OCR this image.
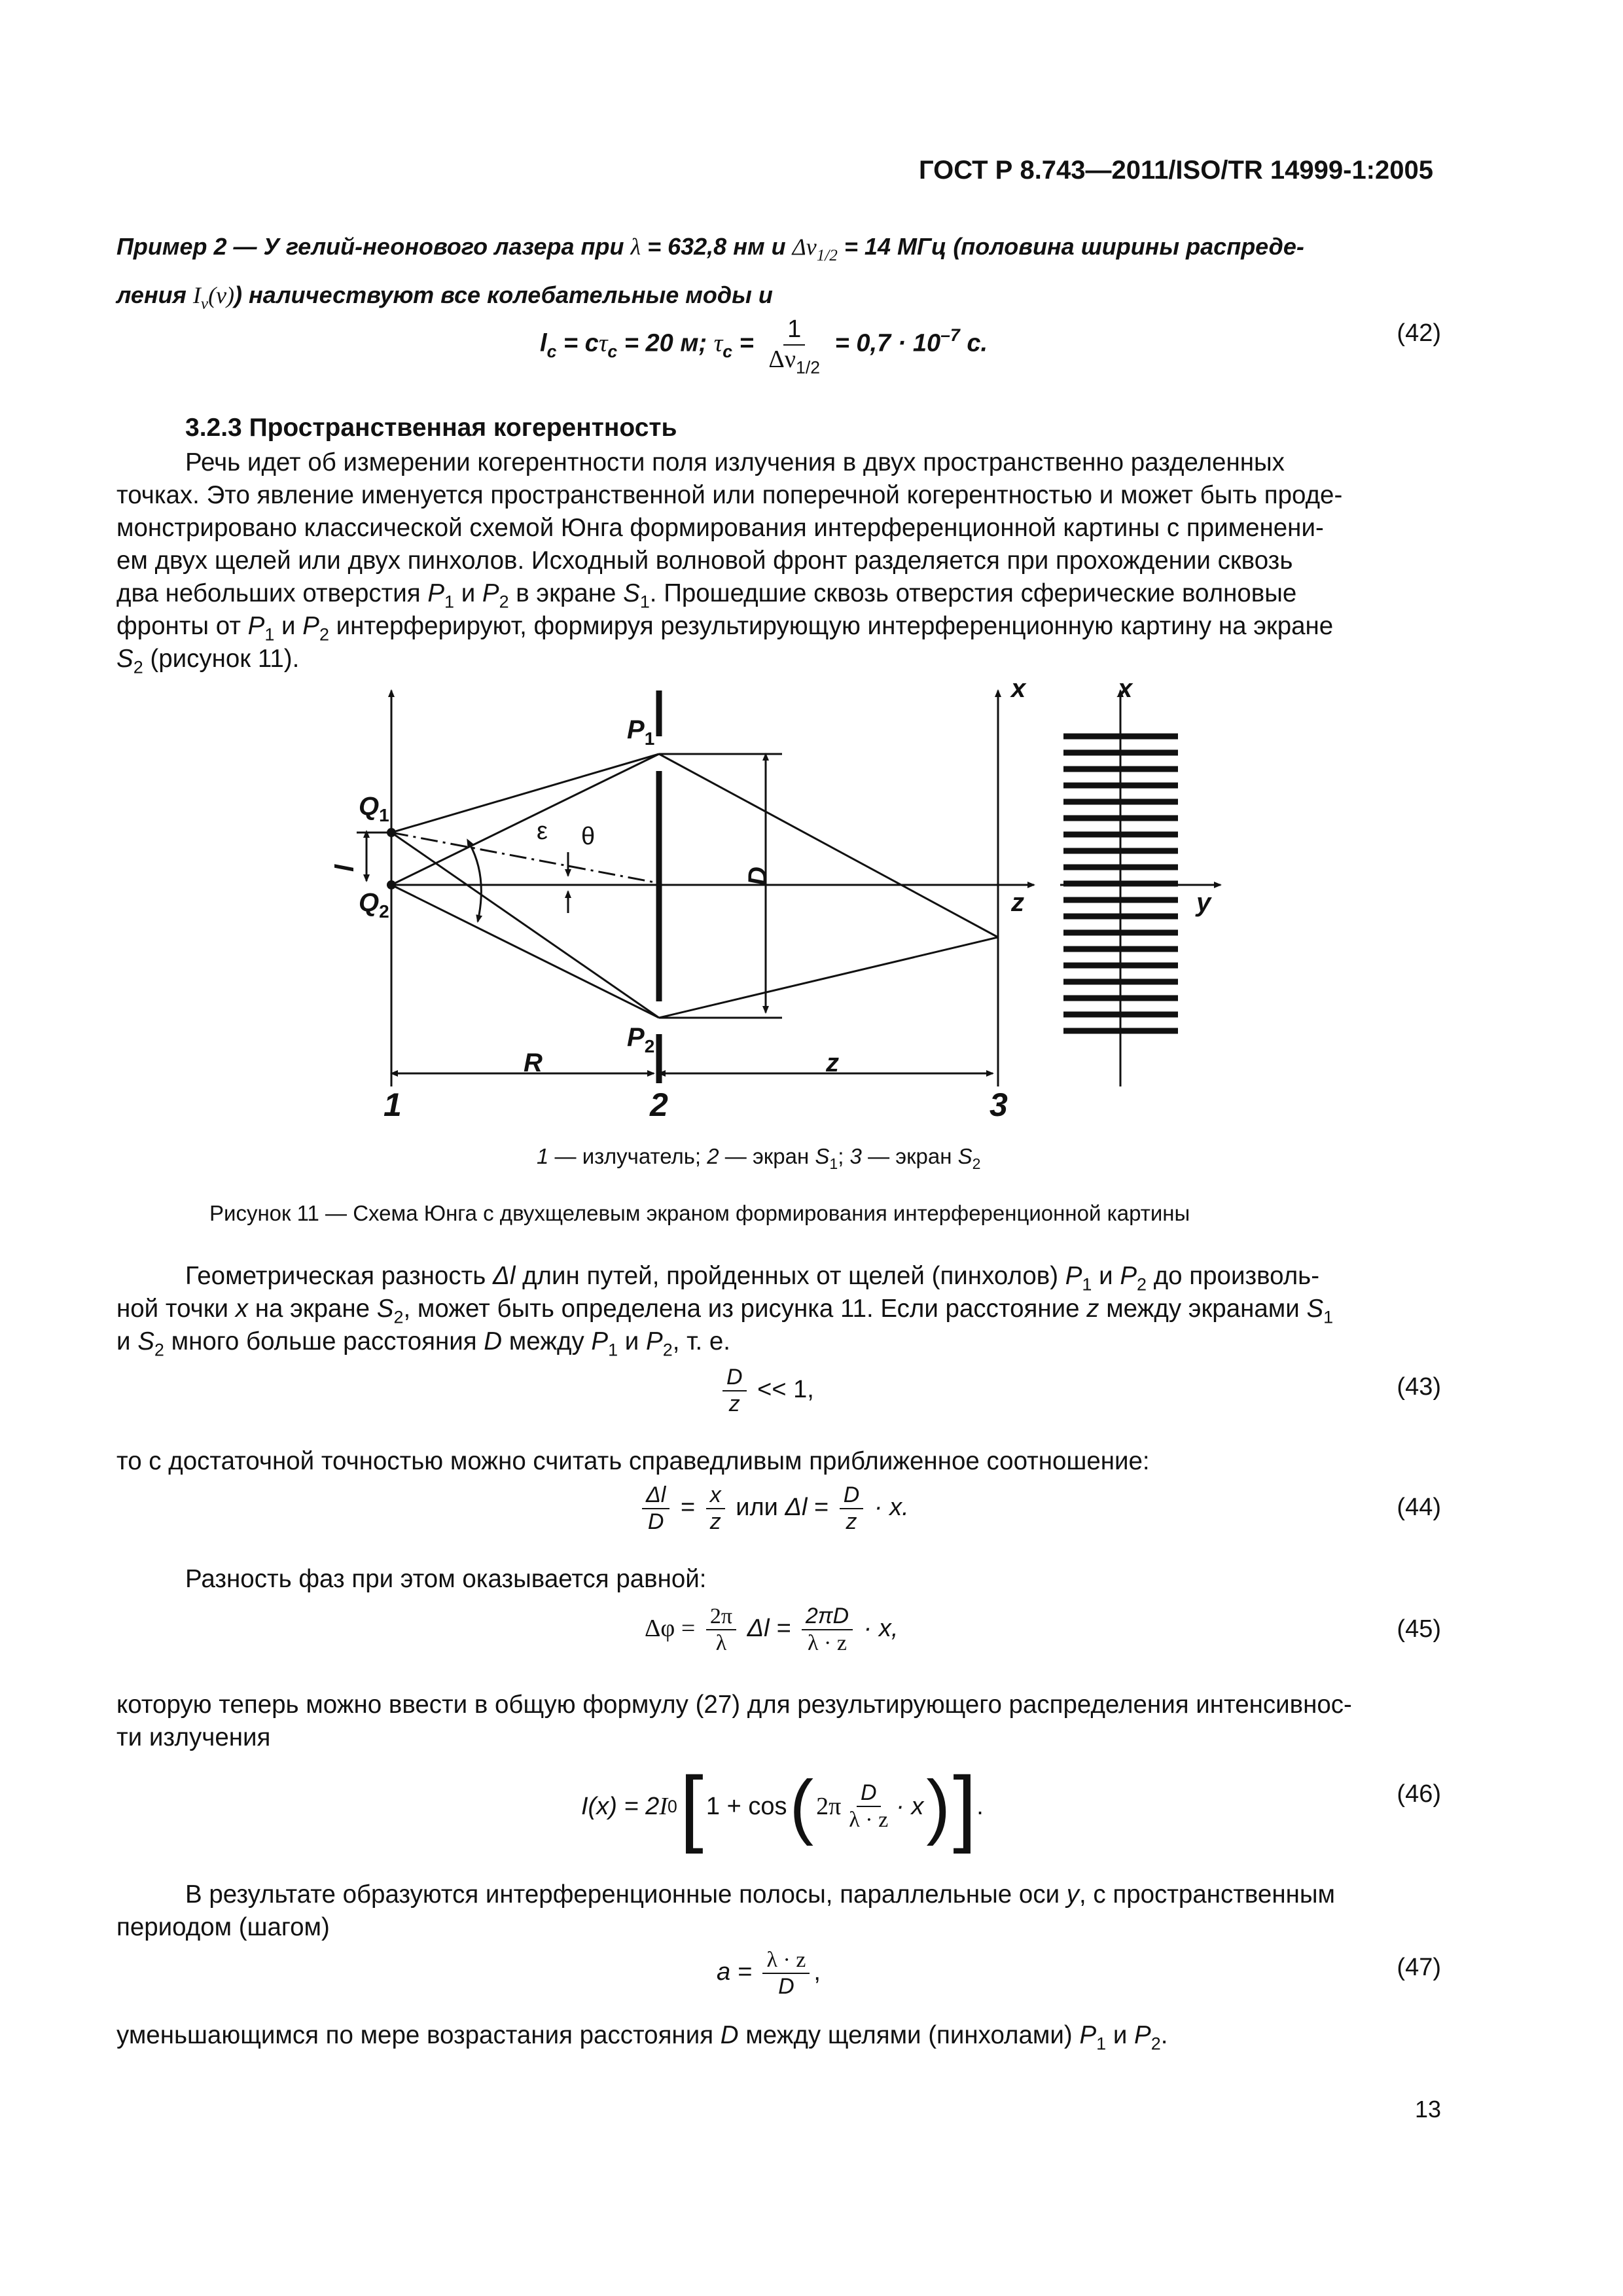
ГОСТ Р 8.743—2011/ISO/TR 14999-1:2005
Пример 2 — У гелий-неонового лазера при λ = 632,8 нм и $\Delta\nu_{1/2} = 14$ МГц (половина ширины распреде-
ления $I_\nu(\nu)$) наличествуют все колебательные моды и
$l_c = c\tau_c = 20$ м; $\tau_c = \frac{1}{\Delta\nu_{1/2}} = 0,7 \cdot 10^{-7}$ с.	(42)
3.2.3 Пространственная когерентность
Речь идет об измерении когерентности поля излучения в двух пространственно разделенных
точках. Это явление именуется пространственной или поперечной когерентностью и может быть проде-
монстрировано классической схемой Юнга формирования интерференционной картины с применени-
ем двух щелей или двух пинхолов. Исходный волновой фронт разделяется при прохождении сквозь
два небольших отверстия $P_1$ и $P_2$ в экране $S_1$. Прошедшие сквозь отверстия сферические волновые
фронты от $P_1$ и $P_2$ интерферируют, формируя результирующую интерференционную картину на экране
$S_2$ (рисунок 11).
x	x
z	y
$Q_1$
$Q_2$
$P_1$
$P_2$
l	D
R	z
ε θ
1	2	3
1 — излучатель; 2 — экран $S_1$; 3 — экран $S_2$
Рисунок 11 — Схема Юнга с двухщелевым экраном формирования интерференционной картины
Геометрическая разность Δl длин путей, пройденных от щелей (пинхолов) $P_1$ и $P_2$ до произволь-
ной точки x на экране $S_2$, может быть определена из рисунка 11. Если расстояние z между экранами $S_1$
и $S_2$ много больше расстояния D между $P_1$ и $P_2$, т. е.
$\frac{D}{z} << 1$,	(43)
то с достаточной точностью можно считать справедливым приближенное соотношение:
$\frac{\Delta l}{D} = \frac{x}{z}$ или $\Delta l = \frac{D}{z} \cdot x$.	(44)
Разность фаз при этом оказывается равной:
$\Delta\varphi = \frac{2\pi}{\lambda}$ $\Delta l = \frac{2\pi D}{\lambda \cdot z} \cdot x$,	(45)
которую теперь можно ввести в общую формулу (27) для результирующего распределения интенсивнос-
ти излучения
I(x) = 2 I 0 [ 1 + cos ( $2\pi \frac{D}{\lambda \cdot z} \cdot x$ ) ] .	(46)
В результате образуются интерференционные полосы, параллельные оси y, с пространственным
периодом (шагом)
$a = \frac{\lambda \cdot z}{D}$ ,	(47)
уменьшающимся по мере возрастания расстояния D между щелями (пинхолами) $P_1$ и $P_2$.
13
